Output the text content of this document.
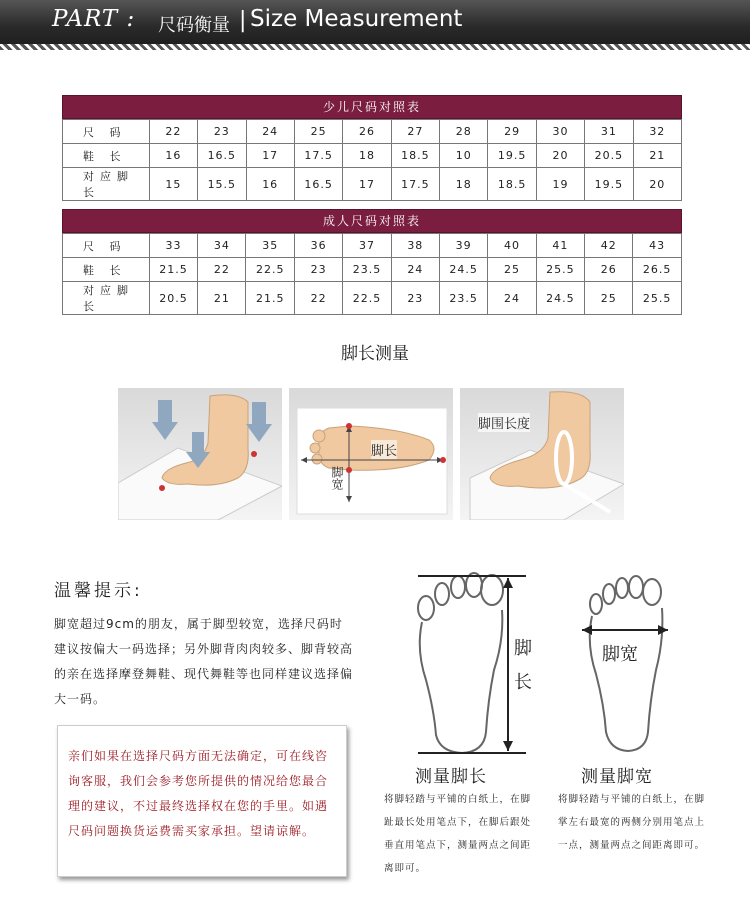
PART : 尺码衡量 | Size Measurement
少儿尺码对照表
尺 码	22	23	24	25	26	27	28	29	30	31	32
鞋 长	16	16.5	17	17.5	18	18.5	10	19.5	20	20.5	21
对应脚长	15	15.5	16	16.5	17	17.5	18	18.5	19	19.5	20
成人尺码对照表
尺 码	33	34	35	36	37	38	39	40	41	42	43
鞋 长	21.5	22	22.5	23	23.5	24	24.5	25	25.5	26	26.5
对应脚长	20.5	21	21.5	22	22.5	23	23.5	24	24.5	25	25.5
脚长测量
脚长
脚宽
脚围长度
温馨提示:
脚宽超过9cm的朋友，属于脚型较宽，选择尺码时建议按偏大一码选择；另外脚背肉肉较多、脚背较高的亲在选择摩登舞鞋、现代舞鞋等也同样建议选择偏大一码。

亲们如果在选择尺码方面无法确定，可在线咨询客服，我们会参考您所提供的情况给您最合理的建议，不过最终选择权在您的手里。如遇尺码问题换货运费需买家承担。望请谅解。

脚长
脚宽
测量脚长	测量脚宽
将脚轻踏与平铺的白纸上，在脚趾最长处用笔点下，在脚后跟处垂直用笔点下，测量两点之间距离即可。
将脚轻踏与平铺的白纸上，在脚掌左右最宽的两侧分别用笔点上一点，测量两点之间距离即可。
